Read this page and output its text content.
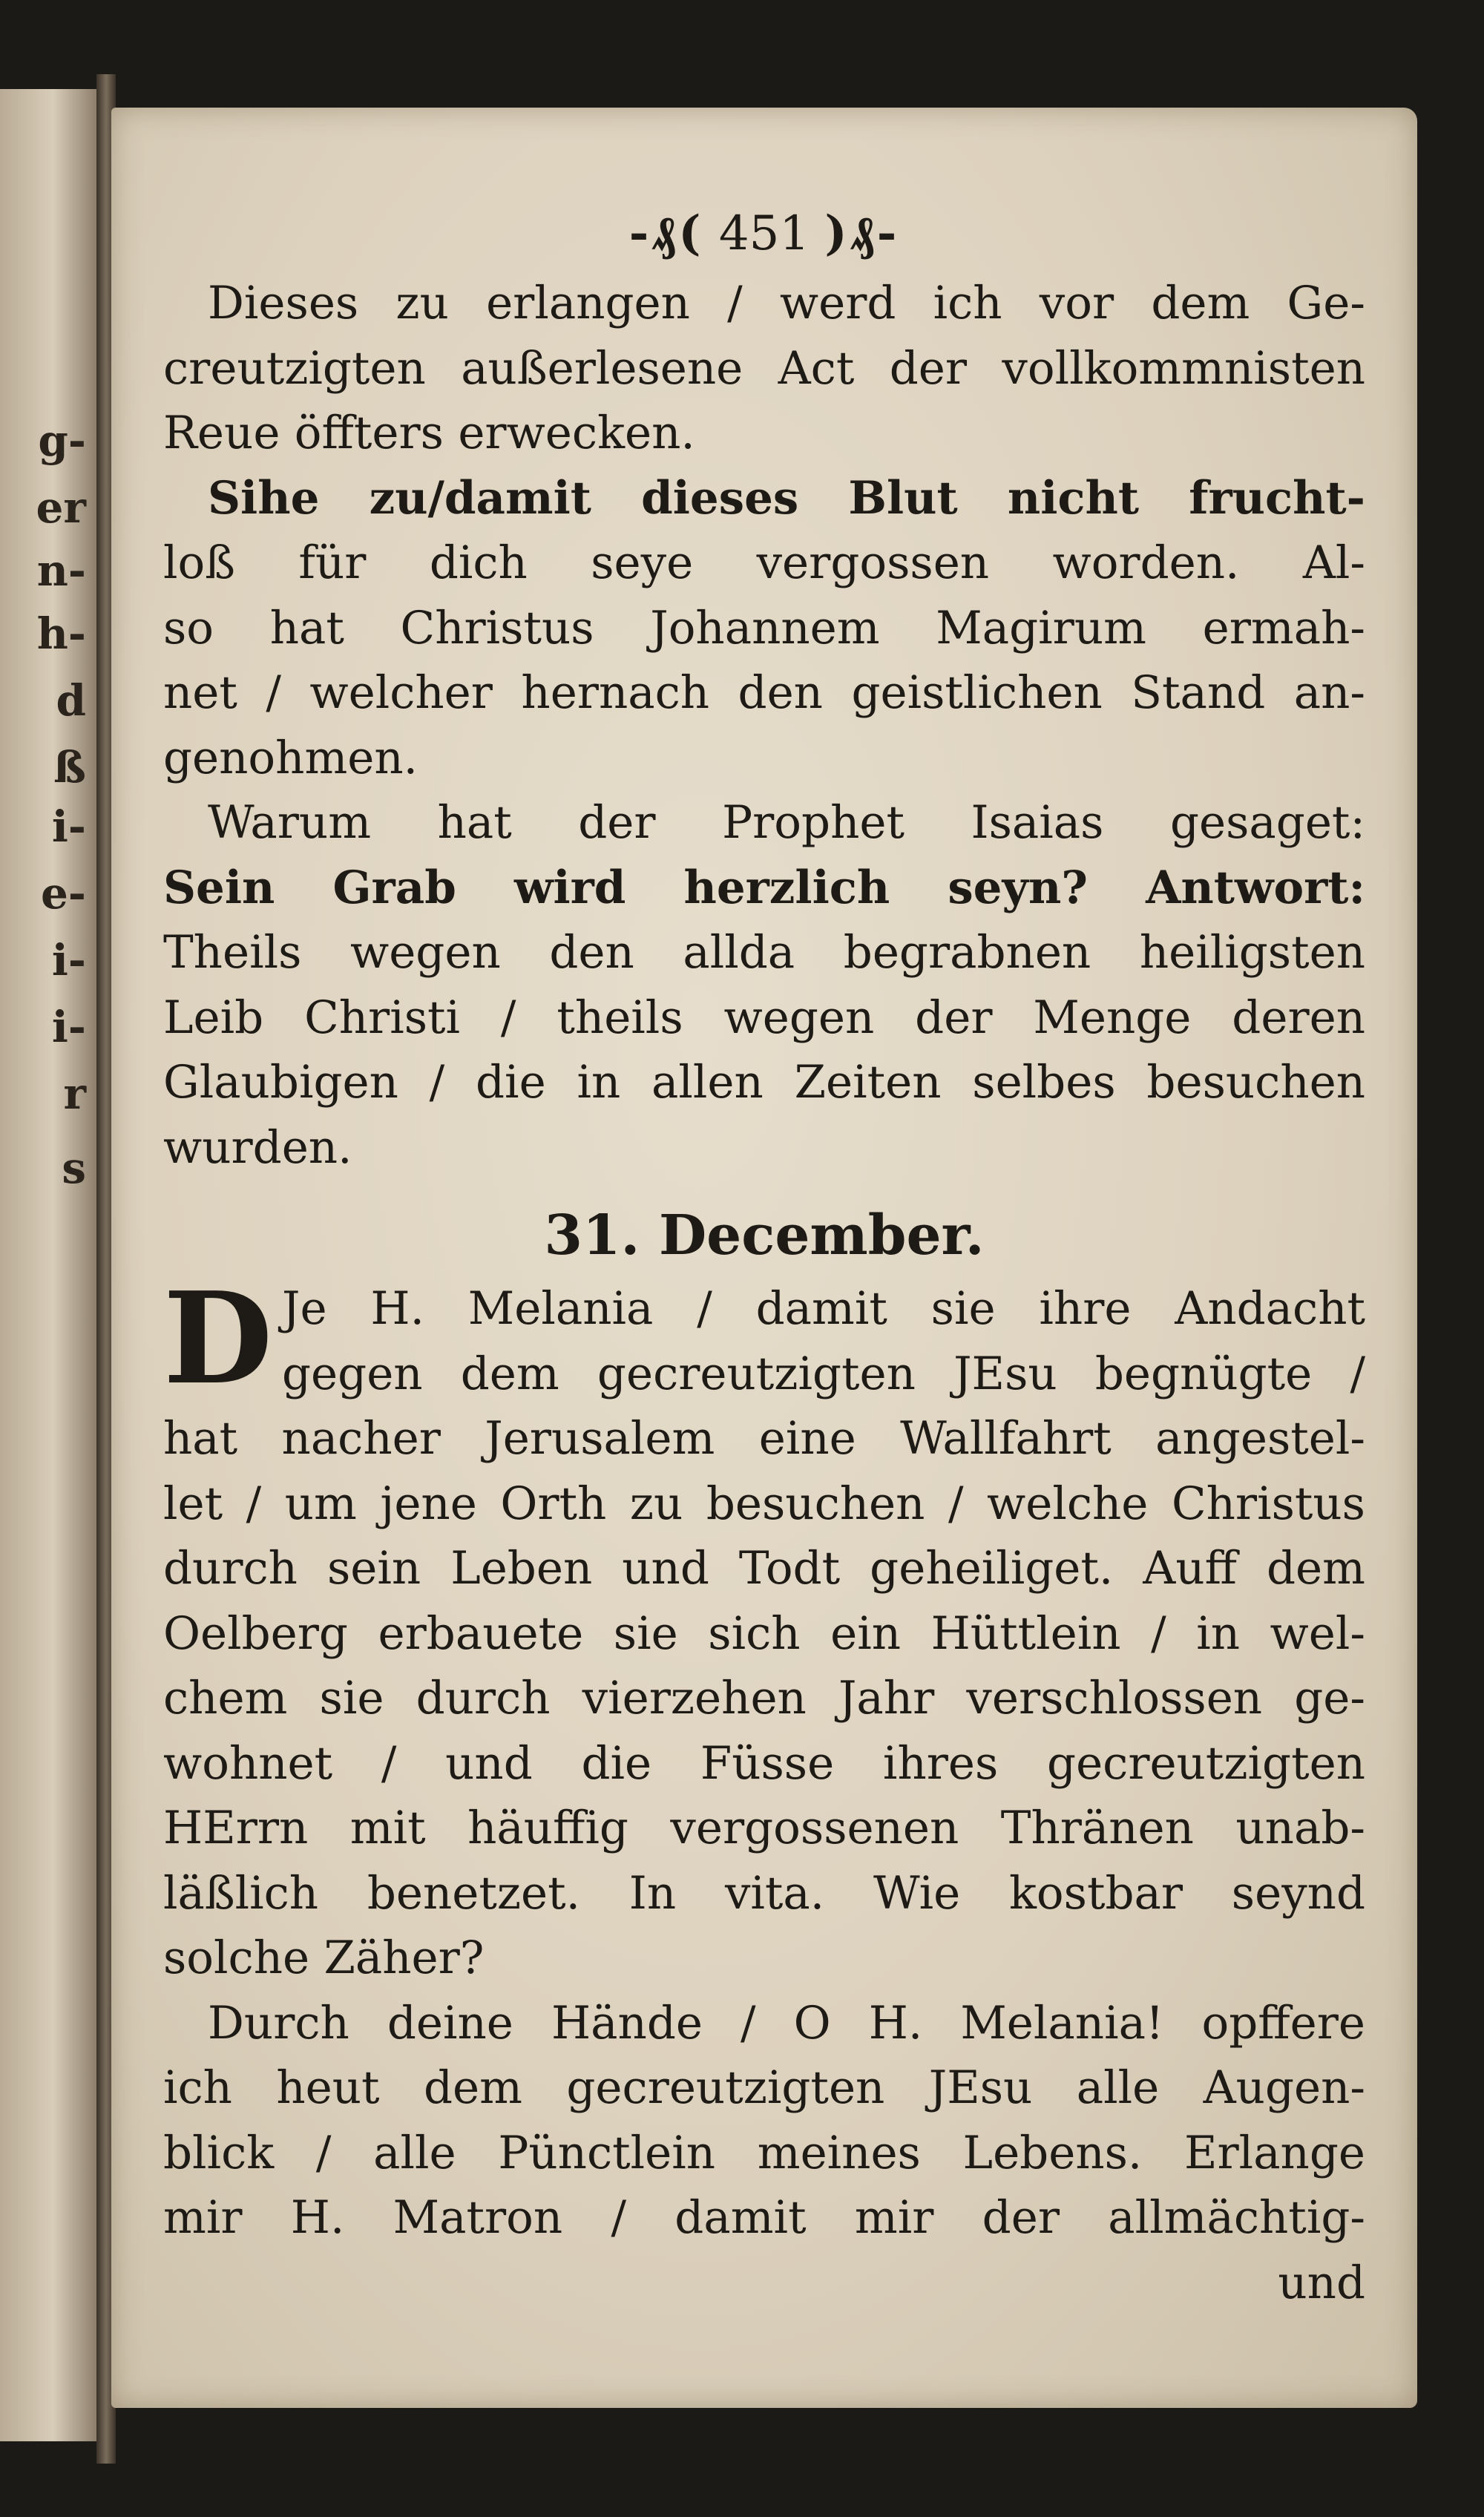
g-
er
n-
h-
d
ß
i-
e-
i-
i-
r
s
-₰( 451 )₰-
Dieses zu erlangen / werd ich vor dem Ge-
creutzigten außerlesene Act der vollkommnisten
Reue öffters erwecken.
Sihe zu/damit dieses Blut nicht frucht-
loß für dich seye vergossen worden. Al-
so hat Christus Johannem Magirum ermah-
net / welcher hernach den geistlichen Stand an-
genohmen.
Warum hat der Prophet Isaias gesaget:
Sein Grab wird herzlich seyn? Antwort:
Theils wegen den allda begrabnen heiligsten
Leib Christi / theils wegen der Menge deren
Glaubigen / die in allen Zeiten selbes besuchen
wurden.
31. December.
D Je H. Melania / damit sie ihre Andacht
gegen dem gecreutzigten JEsu begnügte /
hat nacher Jerusalem eine Wallfahrt angestel-
let / um jene Orth zu besuchen / welche Christus
durch sein Leben und Todt geheiliget. Auff dem
Oelberg erbauete sie sich ein Hüttlein / in wel-
chem sie durch vierzehen Jahr verschlossen ge-
wohnet / und die Füsse ihres gecreutzigten
HErrn mit häuffig vergossenen Thränen unab-
läßlich benetzet. In vita. Wie kostbar seynd
solche Zäher?
Durch deine Hände / O H. Melania! opffere
ich heut dem gecreutzigten JEsu alle Augen-
blick / alle Pünctlein meines Lebens. Erlange
mir H. Matron / damit mir der allmächtig-
und
